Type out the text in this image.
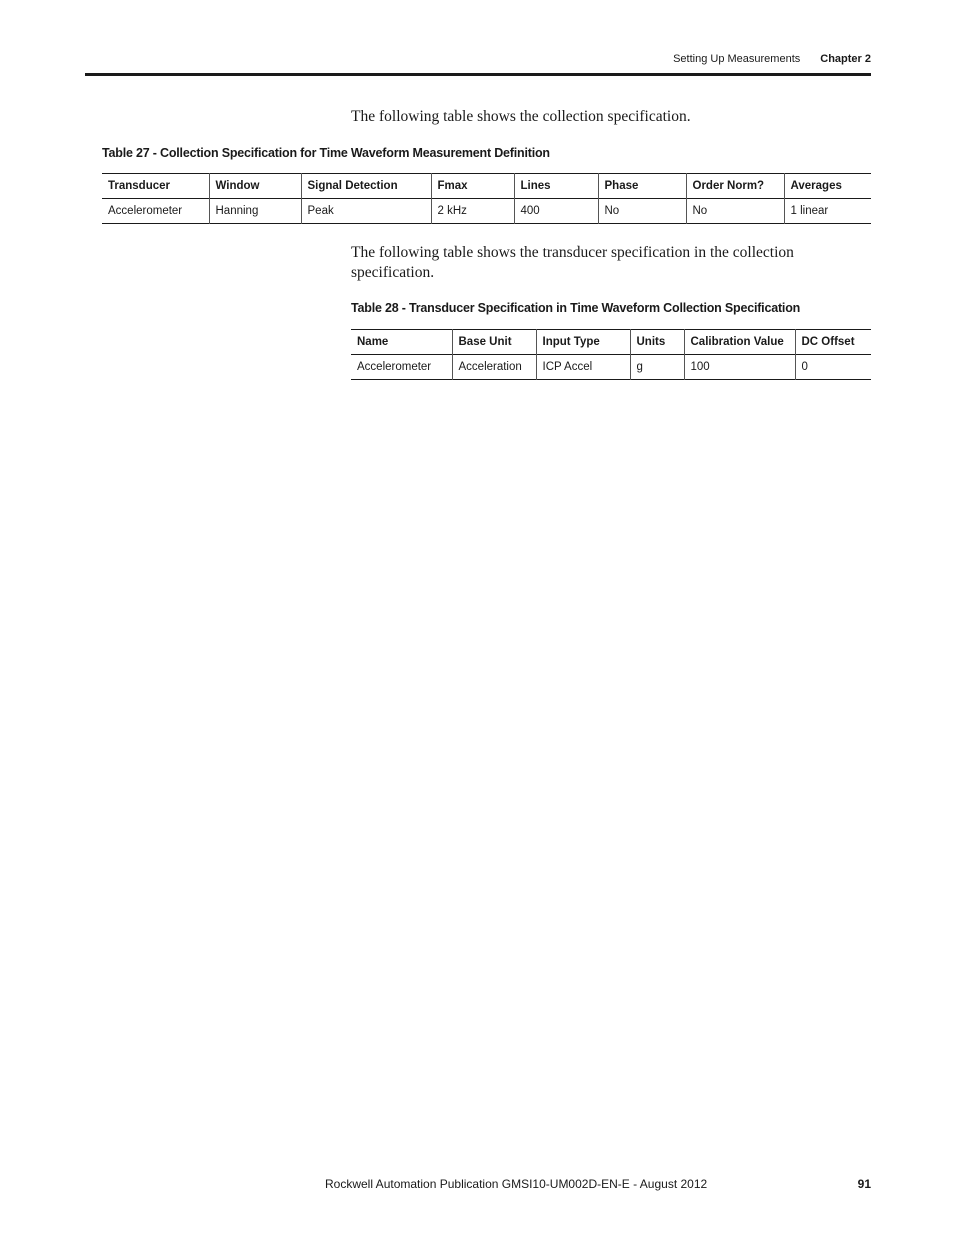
Setting Up Measurements Chapter 2
The following table shows the collection specification.
Table 27 - Collection Specification for Time Waveform Measurement Definition
Transducer	Window	Signal Detection	Fmax	Lines	Phase	Order Norm?	Averages
Accelerometer	Hanning	Peak	2 kHz	400	No	No	1 linear
The following table shows the transducer specification in the collection specification.
Table 28 - Transducer Specification in Time Waveform Collection Specification
Name	Base Unit	Input Type	Units	Calibration Value	DC Offset
Accelerometer	Acceleration	ICP Accel	g	100	0
Rockwell Automation Publication GMSI10-UM002D-EN-E - August 2012	91
